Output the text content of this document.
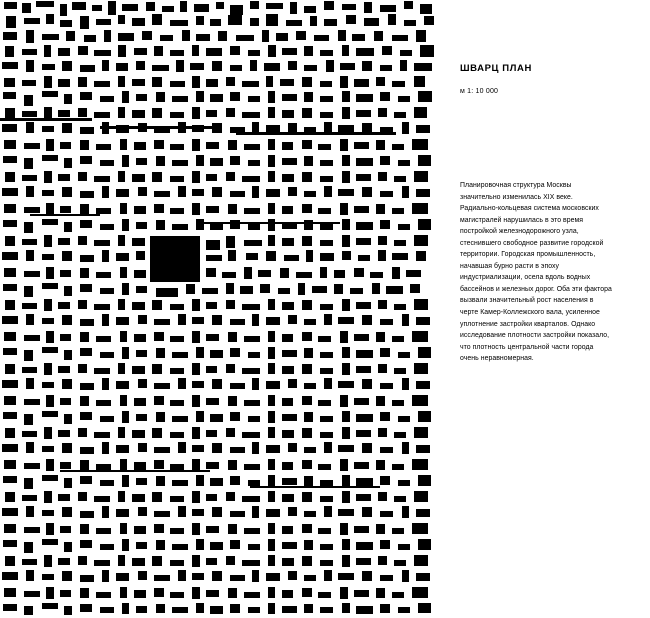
ШВАРЦ ПЛАН
м 1: 10 000

Планировочная структура Москвы значительно изменилась XIX веке. Радиально-кольцевая система московских магистралей нарушилась в это время постройкой железнодорожного узла, стеснившего свободное развитие городской территории. Городская промышленность, начавшая бурно расти в эпоху индустриализации, осела вдоль водных басcейнов и железных дорог. Оба эти фактора вызвали значительный рост населения в черте Камер-Коллежского вала, усиленное уплотнение застройки кварталов. Однако исследование плотности застройки показало, что плотность центральной части города очень неравномерная.
